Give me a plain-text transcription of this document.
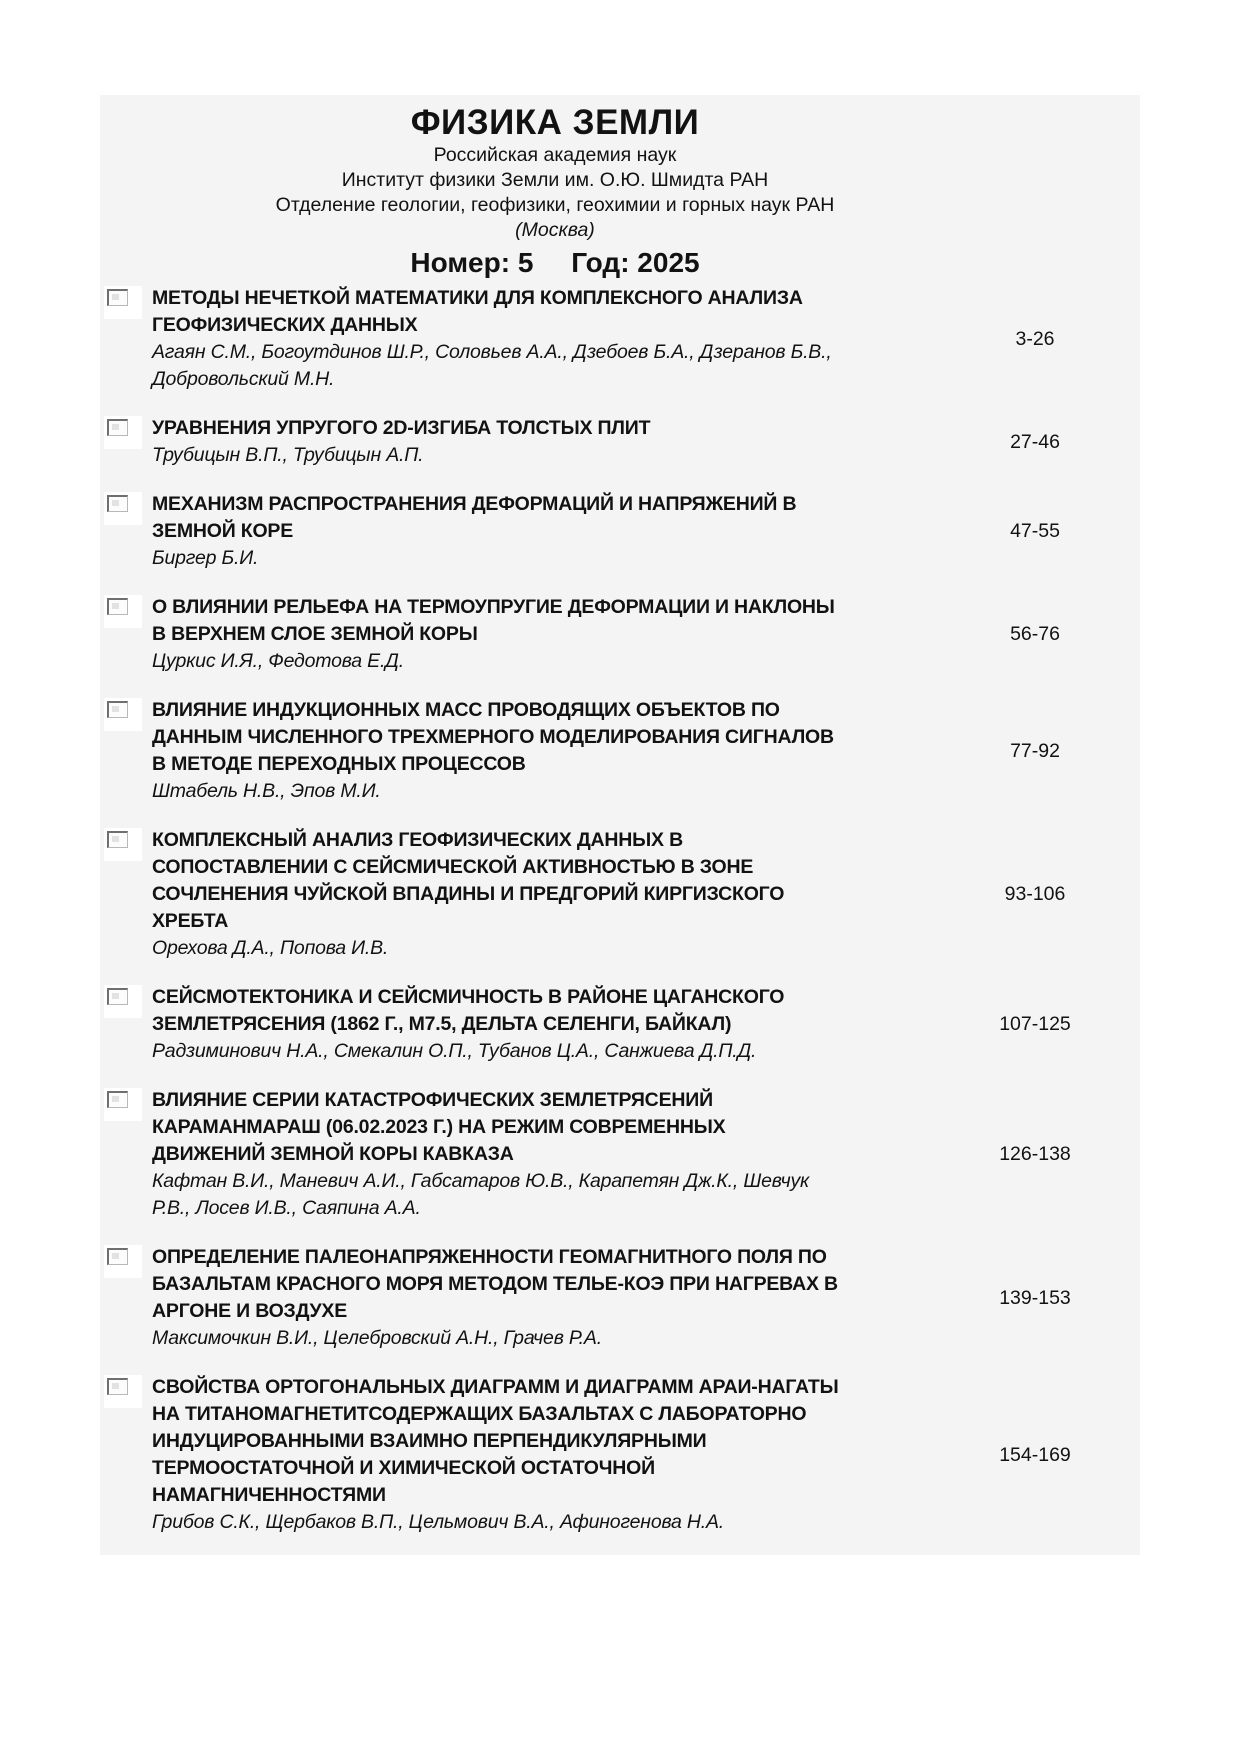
ФИЗИКА ЗЕМЛИ
Российская академия наук
Институт физики Земли им. О.Ю. Шмидта РАН
Отделение геологии, геофизики, геохимии и горных наук РАН
(Москва)
Номер: 5 Год: 2025
МЕТОДЫ НЕЧЕТКОЙ МАТЕМАТИКИ ДЛЯ КОМПЛЕКСНОГО АНАЛИЗА ГЕОФИЗИЧЕСКИХ ДАННЫХ
Агаян С.М., Богоутдинов Ш.Р., Соловьев А.А., Дзебоев Б.А., Дзеранов Б.В., Добровольский М.Н.
3-26
УРАВНЕНИЯ УПРУГОГО 2D-ИЗГИБА ТОЛСТЫХ ПЛИТ
Трубицын В.П., Трубицын А.П.
27-46
МЕХАНИЗМ РАСПРОСТРАНЕНИЯ ДЕФОРМАЦИЙ И НАПРЯЖЕНИЙ В ЗЕМНОЙ КОРЕ
Биргер Б.И.
47-55
О ВЛИЯНИИ РЕЛЬЕФА НА ТЕРМОУПРУГИЕ ДЕФОРМАЦИИ И НАКЛОНЫ В ВЕРХНЕМ СЛОЕ ЗЕМНОЙ КОРЫ
Цуркис И.Я., Федотова Е.Д.
56-76
ВЛИЯНИЕ ИНДУКЦИОННЫХ МАСС ПРОВОДЯЩИХ ОБЪЕКТОВ ПО ДАННЫМ ЧИСЛЕННОГО ТРЕХМЕРНОГО МОДЕЛИРОВАНИЯ СИГНАЛОВ В МЕТОДЕ ПЕРЕХОДНЫХ ПРОЦЕССОВ
Штабель Н.В., Эпов М.И.
77-92
КОМПЛЕКСНЫЙ АНАЛИЗ ГЕОФИЗИЧЕСКИХ ДАННЫХ В СОПОСТАВЛЕНИИ С СЕЙСМИЧЕСКОЙ АКТИВНОСТЬЮ В ЗОНЕ СОЧЛЕНЕНИЯ ЧУЙСКОЙ ВПАДИНЫ И ПРЕДГОРИЙ КИРГИЗСКОГО ХРЕБТА
Орехова Д.А., Попова И.В.
93-106
СЕЙСМОТЕКТОНИКА И СЕЙСМИЧНОСТЬ В РАЙОНЕ ЦАГАНСКОГО ЗЕМЛЕТРЯСЕНИЯ (1862 Г., М7.5, ДЕЛЬТА СЕЛЕНГИ, БАЙКАЛ)
Радзиминович Н.А., Смекалин О.П., Тубанов Ц.А., Санжиева Д.П.Д.
107-125
ВЛИЯНИЕ СЕРИИ КАТАСТРОФИЧЕСКИХ ЗЕМЛЕТРЯСЕНИЙ КАРАМАНМАРАШ (06.02.2023 Г.) НА РЕЖИМ СОВРЕМЕННЫХ ДВИЖЕНИЙ ЗЕМНОЙ КОРЫ КАВКАЗА
Кафтан В.И., Маневич А.И., Габсатаров Ю.В., Карапетян Дж.К., Шевчук Р.В., Лосев И.В., Саяпина А.А.
126-138
ОПРЕДЕЛЕНИЕ ПАЛЕОНАПРЯЖЕННОСТИ ГЕОМАГНИТНОГО ПОЛЯ ПО БАЗАЛЬТАМ КРАСНОГО МОРЯ МЕТОДОМ ТЕЛЬЕ-КОЭ ПРИ НАГРЕВАХ В АРГОНЕ И ВОЗДУХЕ
Максимочкин В.И., Целебровский А.Н., Грачев Р.А.
139-153
СВОЙСТВА ОРТОГОНАЛЬНЫХ ДИАГРАММ И ДИАГРАММ АРАИ-НАГАТЫ НА ТИТАНОМАГНЕТИТСОДЕРЖАЩИХ БАЗАЛЬТАХ С ЛАБОРАТОРНО ИНДУЦИРОВАННЫМИ ВЗАИМНО ПЕРПЕНДИКУЛЯРНЫМИ ТЕРМООСТАТОЧНОЙ И ХИМИЧЕСКОЙ ОСТАТОЧНОЙ НАМАГНИЧЕННОСТЯМИ
Грибов С.К., Щербаков В.П., Цельмович В.А., Афиногенова Н.А.
154-169
